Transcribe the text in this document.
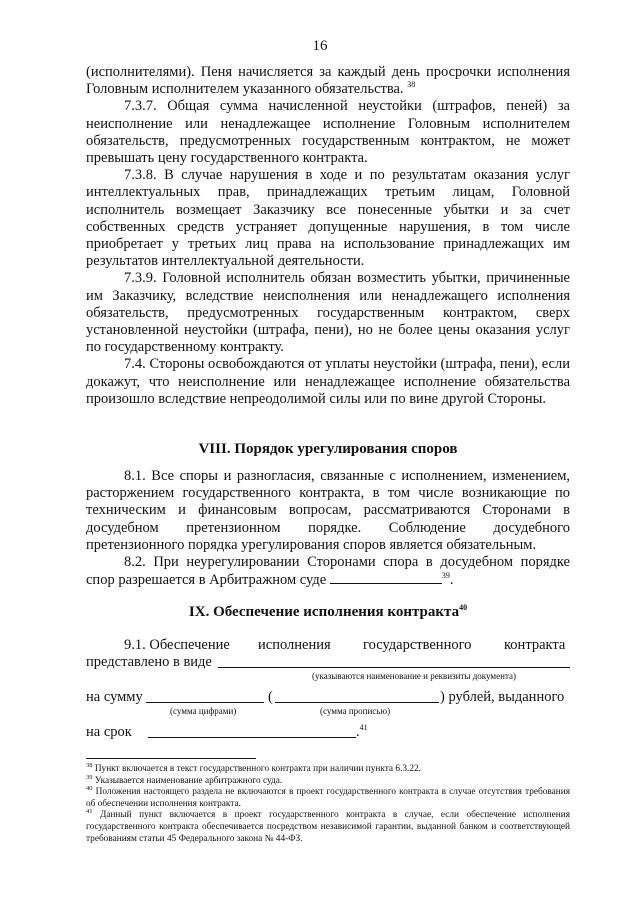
16

(исполнителями). Пеня начисляется за каждый день просрочки исполнения Головным исполнителем указанного обязательства. $^{38}$

7.3.7. Общая сумма начисленной неустойки (штрафов, пеней) за неисполнение или ненадлежащее исполнение Головным исполнителем обязательств, предусмотренных государственным контрактом, не может превышать цену государственного контракта.

7.3.8. В случае нарушения в ходе и по результатам оказания услуг интеллектуальных прав, принадлежащих третьим лицам, Головной исполнитель возмещает Заказчику все понесенные убытки и за счет собственных средств устраняет допущенные нарушения, в том числе приобретает у третьих лиц права на использование принадлежащих им результатов интеллектуальной деятельности.

7.3.9. Головной исполнитель обязан возместить убытки, причиненные им Заказчику, вследствие неисполнения или ненадлежащего исполнения обязательств, предусмотренных государственным контрактом, сверх установленной неустойки (штрафа, пени), но не более цены оказания услуг по государственному контракту.

7.4. Стороны освобождаются от уплаты неустойки (штрафа, пени), если докажут, что неисполнение или ненадлежащее исполнение обязательства произошло вследствие непреодолимой силы или по вине другой Стороны.

VIII. Порядок урегулирования споров

8.1. Все споры и разногласия, связанные с исполнением, изменением, расторжением государственного контракта, в том числе возникающие по техническим и финансовым вопросам, рассматриваются Сторонами в досудебном претензионном порядке. Соблюдение досудебного претензионного порядка урегулирования споров является обязательным.

8.2. При неурегулировании Сторонами спора в досудебном порядке спор разрешается в Арбитражном суде	$^{39}$.

IX. Обеспечение исполнения контракта$^{40}$

9.1. Обеспечение исполнения государственного контракта
представлено в виде
(указываются наименование и реквизиты документа)
на сумму	(	) рублей, выданного
(сумма цифрами)	(сумма прописью)
на срок	.$^{41}$

$^{38}$ Пункт включается в текст государственного контракта при наличии пункта 6.3.22.

$^{39}$ Указывается наименование арбитражного суда.

$^{40}$ Положения настоящего раздела не включаются в проект государственного контракта в случае отсутствия требования об обеспечении исполнения контракта.

$^{41}$ Данный пункт включается в проект государственного контракта в случае, если обеспечение исполнения государственного контракта обеспечивается посредством независимой гарантии, выданной банком и соответствующей требованиям статьи 45 Федерального закона № 44-ФЗ.
